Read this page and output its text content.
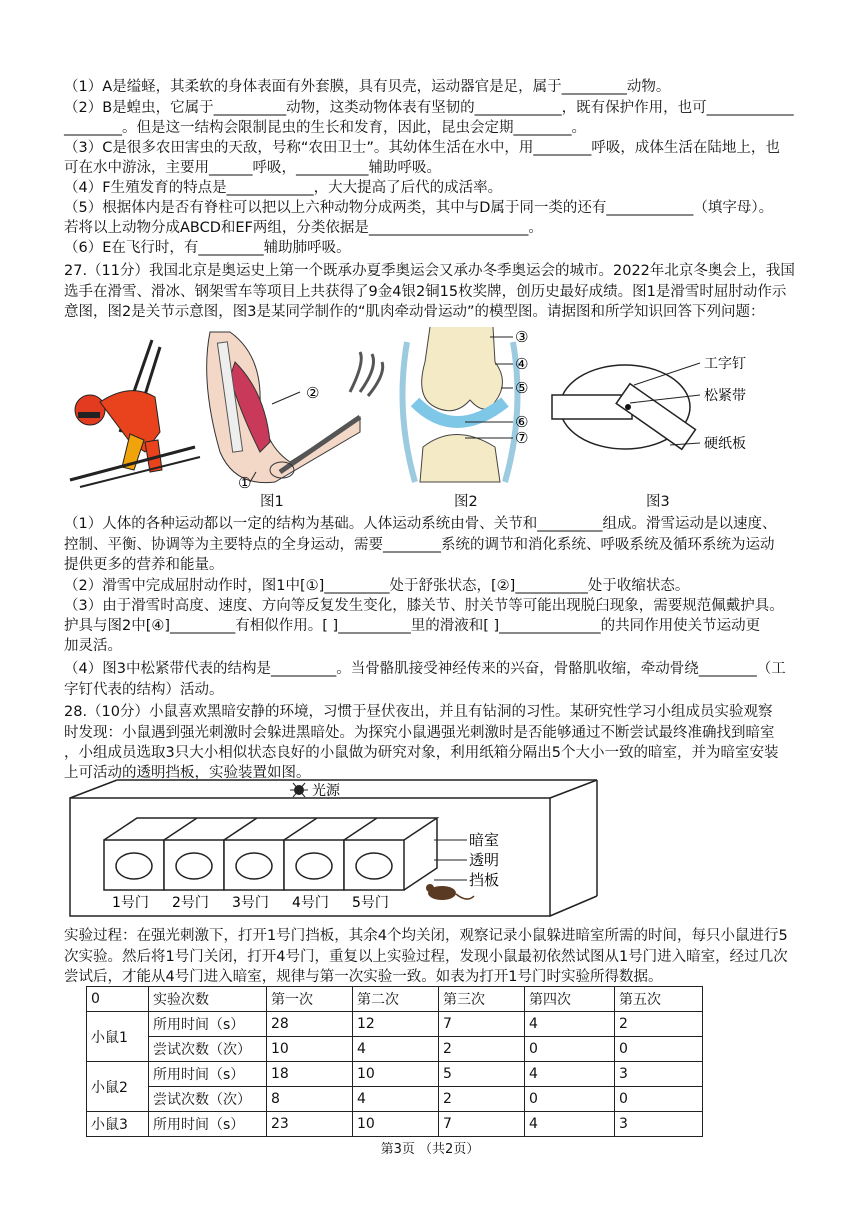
（1）A是缢蛏，其柔软的身体表面有外套膜，具有贝壳，运动器官是足，属于_________动物。
（2）B是蝗虫，它属于__________动物，这类动物体表有坚韧的____________，既有保护作用，也可____________
________。但是这一结构会限制昆虫的生长和发育，因此，昆虫会定期________。
（3）C是很多农田害虫的天敌，号称“农田卫士”。其幼体生活在水中，用________呼吸，成体生活在陆地上，也
可在水中游泳，主要用______呼吸，__________辅助呼吸。
（4）F生殖发育的特点是____________，大大提高了后代的成活率。
（5）根据体内是否有脊柱可以把以上六种动物分成两类，其中与D属于同一类的还有____________（填字母）。
若将以上动物分成ABCD和EF两组，分类依据是______________________。
（6）E在飞行时，有_________辅助肺呼吸。
27.（11分）我国北京是奥运史上第一个既承办夏季奥运会又承办冬季奥运会的城市。2022年北京冬奥会上，我国
选手在滑雪、滑冰、钢架雪车等项目上共获得了9金4银2铜15枚奖牌，创历史最好成绩。图1是滑雪时屈肘动作示
意图，图2是关节示意图，图3是某同学制作的“肌肉牵动骨运动”的模型图。请据图和所学知识回答下列问题：
②
①
③
④
⑤
⑥
⑦
工字钉
松紧带
硬纸板
图1	图2	图3
（1）人体的各种运动都以一定的结构为基础。人体运动系统由骨、关节和_________组成。滑雪运动是以速度、
控制、平衡、协调等为主要特点的全身运动，需要________系统的调节和消化系统、呼吸系统及循环系统为运动
提供更多的营养和能量。
（2）滑雪中完成屈肘动作时，图1中[①]_________处于舒张状态，[②]__________处于收缩状态。
（3）由于滑雪时高度、速度、方向等反复发生变化，膝关节、肘关节等可能出现脱臼现象，需要规范佩戴护具。
护具与图2中[④]_________有相似作用。[ ]__________里的滑液和[ ]______________的共同作用使关节运动更
加灵活。
（4）图3中松紧带代表的结构是_________。当骨骼肌接受神经传来的兴奋，骨骼肌收缩，牵动骨绕________（工
字钉代表的结构）活动。
28.（10分）小鼠喜欢黑暗安静的环境，习惯于昼伏夜出，并且有钻洞的习性。某研究性学习小组成员实验观察
时发现：小鼠遇到强光刺激时会躲进黑暗处。为探究小鼠遇强光刺激时是否能够通过不断尝试最终准确找到暗室
，小组成员选取3只大小相似状态良好的小鼠做为研究对象，利用纸箱分隔出5个大小一致的暗室，并为暗室安装
上可活动的透明挡板，实验装置如图。
光源
暗室
透明
挡板
1号门 2号门 3号门 4号门 5号门
实验过程：在强光刺激下，打开1号门挡板，其余4个均关闭，观察记录小鼠躲进暗室所需的时间，每只小鼠进行5
次实验。然后将1号门关闭，打开4号门，重复以上实验过程，发现小鼠最初依然试图从1号门进入暗室，经过几次
尝试后，才能从4号门进入暗室，规律与第一次实验一致。如表为打开1号门时实验所得数据。
0	实验次数	第一次	第二次	第三次	第四次	第五次
小鼠1	所用时间（s）	28	12	7	4	2
	尝试次数（次）	10	4	2	0	0
小鼠2	所用时间（s）	18	10	5	4	3
	尝试次数（次）	8	4	2	0	0
小鼠3	所用时间（s）	23	10	7	4	3
第3页 （共2页）
